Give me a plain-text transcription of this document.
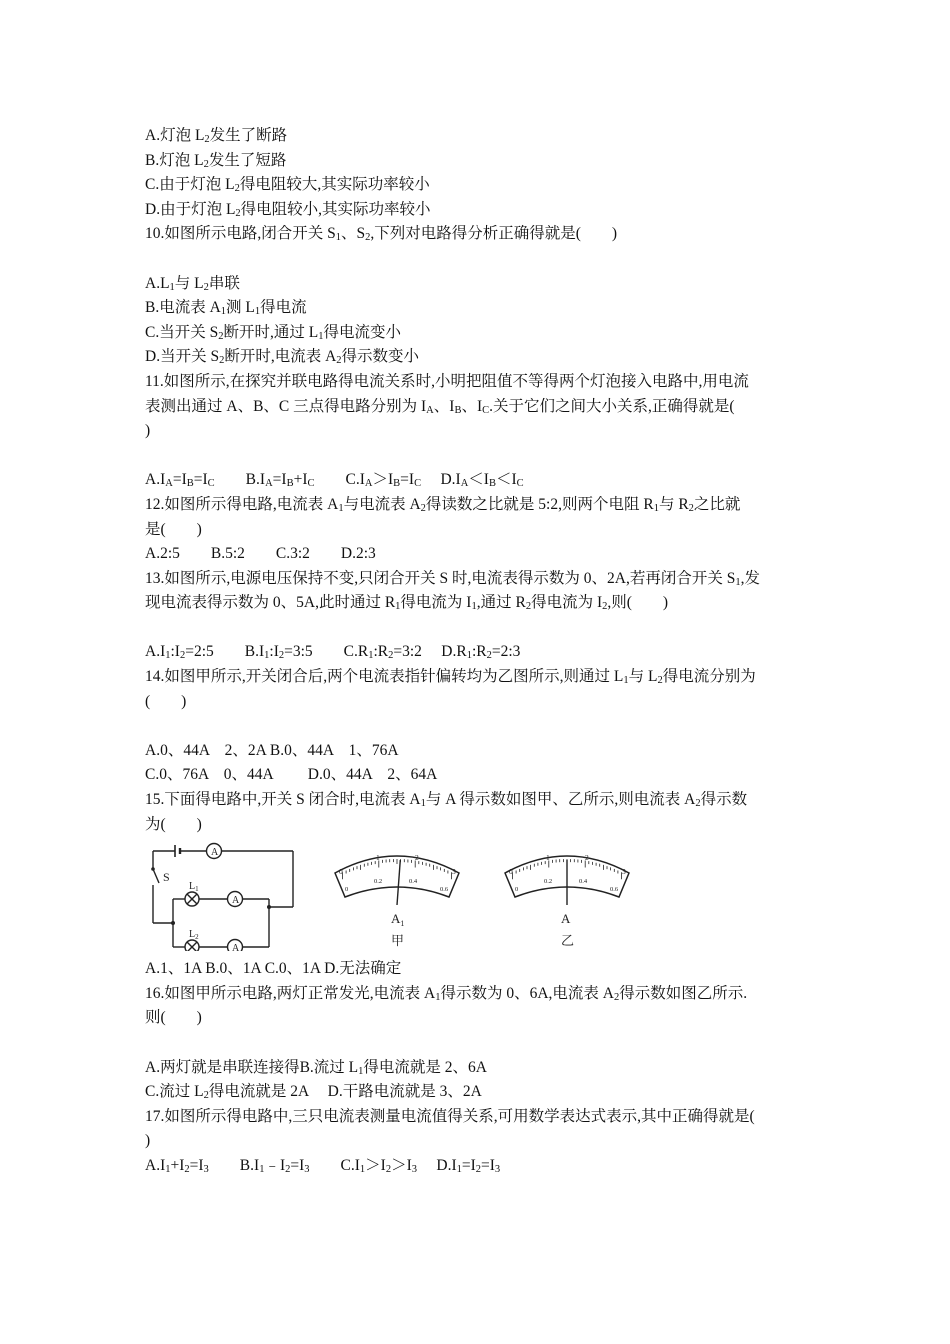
A.灯泡 $L_2$发生了断路
B.灯泡 $L_2$发生了短路
C.由于灯泡 $L_2$得电阻较大,其实际功率较小
D.由于灯泡 $L_2$得电阻较小,其实际功率较小
10.如图所示电路,闭合开关 $S_1$、$S_2$,下列对电路得分析正确得就是(　　)
$A.L_1$与 $L_2$串联
B.电流表 $A_1$测 $L_1$得电流
C.当开关 $S_2$断开时,通过 $L_1$得电流变小
D.当开关 $S_2$断开时,电流表 $A_2$得示数变小
11.如图所示,在探究并联电路得电流关系时,小明把阻值不等得两个灯泡接入电路中,用电流
表测出通过 A、B、C 三点得电路分别为 $I_A$、$I_B$、$I_C$.关于它们之间大小关系,正确得就是(
)
$A.I_A=I_B=I_C$　　$B.I_A=I_B+I_C$　　$C.I_A>I_B=I_C$　 $D.I_A<I_B<I_C$
12.如图所示得电路,电流表 $A_1$与电流表 $A_2$得读数之比就是 5:2,则两个电阻 $R_1$与 $R_2$之比就
是(　　)
A.2:5　　B.5:2　　C.3:2　　D.2:3
13.如图所示,电源电压保持不变,只闭合开关 S 时,电流表得示数为 0、2A,若再闭合开关 $S_1$,发
现电流表得示数为 0、5A,此时通过 $R_1$得电流为 $I_1$,通过 $R_2$得电流为 $I_2$,则(　　)
$A.I_1:I_2=2:5$　　$B.I_1:I_2=3:5$　　$C.R_1:R_2=3:2$　 $D.R_1:R_2=2:3$
14.如图甲所示,开关闭合后,两个电流表指针偏转均为乙图所示,则通过 $L_1$与 $L_2$得电流分别为
(　　)
A.0、44A　2、2A B.0、44A　1、76A
C.0、76A　0、44A　　 D.0、44A　2、64A
15.下面得电路中,开关 S 闭合时,电流表 $A_1$与 A 得示数如图甲、乙所示,则电流表 $A_2$得示数
为(　　)
A
A
A
S
$L_1$
$L_2$
0
1	2
3
0
0.2	0.4
0.6
$A_1$
甲
0
1	2
3
0
0.2	0.4
0.6
A
乙
A.1、1A B.0、1A C.0、1A D.无法确定
16.如图甲所示电路,两灯正常发光,电流表 $A_1$得示数为 0、6A,电流表 $A_2$得示数如图乙所示.
则(　　)
A.两灯就是串联连接得B.流过 $L_1$得电流就是 2、6A
C.流过 $L_2$得电流就是 2A　 D.干路电流就是 3、2A
17.如图所示得电路中,三只电流表测量电流值得关系,可用数学表达式表示,其中正确得就是(
)
$A.I_1+I_2=I_3$　　$B.I_1﹣I_2=I_3$　　$C.I_1>I_2>I_3$　 $D.I_1=I_2=I_3$
